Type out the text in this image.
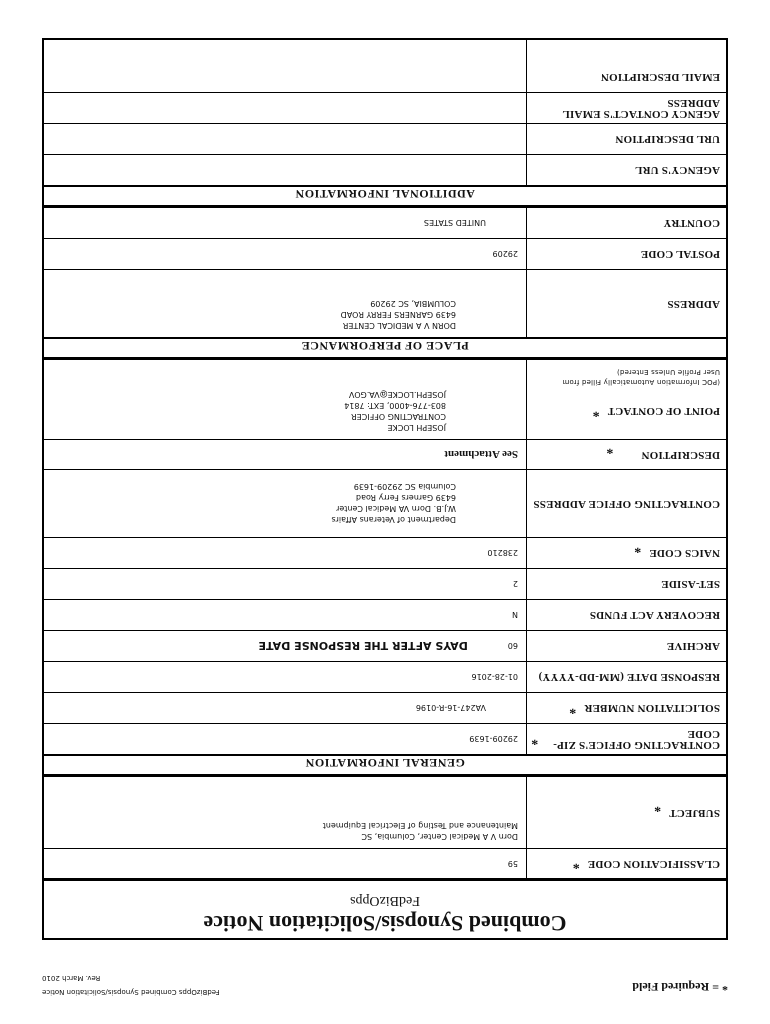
Combined Synopsis/Solicitation Notice
FedBizOpps
CLASSIFICATION CODE
*
59
SUBJECT
*
Dorn V A Medical Center, Columbia, SC
Maintenance and Testing of Electrical Equipment
GENERAL INFORMATION
CONTRACTING OFFICE'S ZIP-CODE
*
29209-1639
SOLICITATION NUMBER
*
VA247-16-R-0196
RESPONSE DATE (MM-DD-YYYY)
01-28-2016
ARCHIVE
60
DAYS AFTER THE RESPONSE DATE
RECOVERY ACT FUNDS
N
SET-ASIDE
2
NAICS CODE
*
238210
CONTRACTING OFFICE ADDRESS
Department of Veterans Affairs
W.J.B. Dorn VA Medical Center
6439 Garners Ferry Road
Columbia SC 29209-1639
DESCRIPTION
*
See Attachment
POINT OF CONTACT
*
(POC Information Automatically Filled from
User Profile Unless Entered)
JOSEPH LOCKE
CONTRACTING OFFICER
803-776-4000, EXT: 7814
JOSEPH.LOCKE@VA.GOV
PLACE OF PERFORMANCE
ADDRESS
DORN V A MEDICAL CENTER
6439 GARNERS FERRY ROAD
COLUMBIA, SC 29209
POSTAL CODE
29209
COUNTRY
UNITED STATES
ADDITIONAL INFORMATION
AGENCY'S URL
URL DESCRIPTION
AGENCY CONTACT'S EMAIL ADDRESS
EMAIL DESCRIPTION
* = Required Field
FedBizOpps Combined Synopsis/Solicitation Notice
Rev. March 2010
